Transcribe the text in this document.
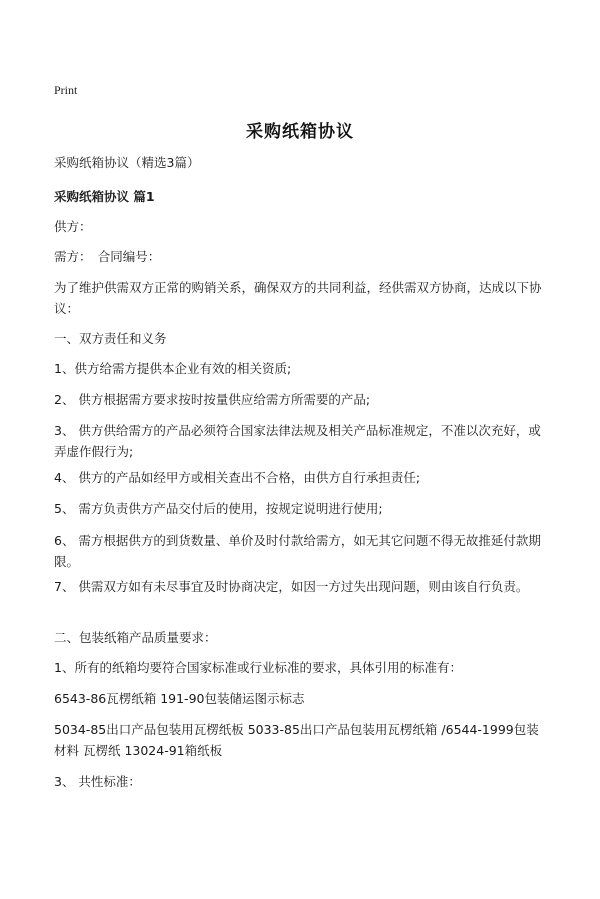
Print
采购纸箱协议
采购纸箱协议（精选3篇）
采购纸箱协议 篇1
供方：
需方：　合同编号：
为了维护供需双方正常的购销关系，确保双方的共同利益，经供需双方协商，达成以下协议：
一、双方责任和义务
1、供方给需方提供本企业有效的相关资质;
2、 供方根据需方要求按时按量供应给需方所需要的产品;
3、 供方供给需方的产品必须符合国家法律法规及相关产品标准规定，不准以次充好，或弄虚作假行为;
4、 供方的产品如经甲方或相关查出不合格，由供方自行承担责任;
5、 需方负责供方产品交付后的使用，按规定说明进行使用;
6、 需方根据供方的到货数量、单价及时付款给需方，如无其它问题不得无故推延付款期限。
7、 供需双方如有未尽事宜及时协商决定，如因一方过失出现问题，则由该自行负责。
二、包装纸箱产品质量要求：
1、所有的纸箱均要符合国家标准或行业标准的要求，具体引用的标准有：
6543-86瓦楞纸箱 191-90包装储运图示标志
5034-85出口产品包装用瓦楞纸板 5033-85出口产品包装用瓦楞纸箱 /6544-1999包装材料 瓦楞纸 13024-91箱纸板
3、 共性标准：
